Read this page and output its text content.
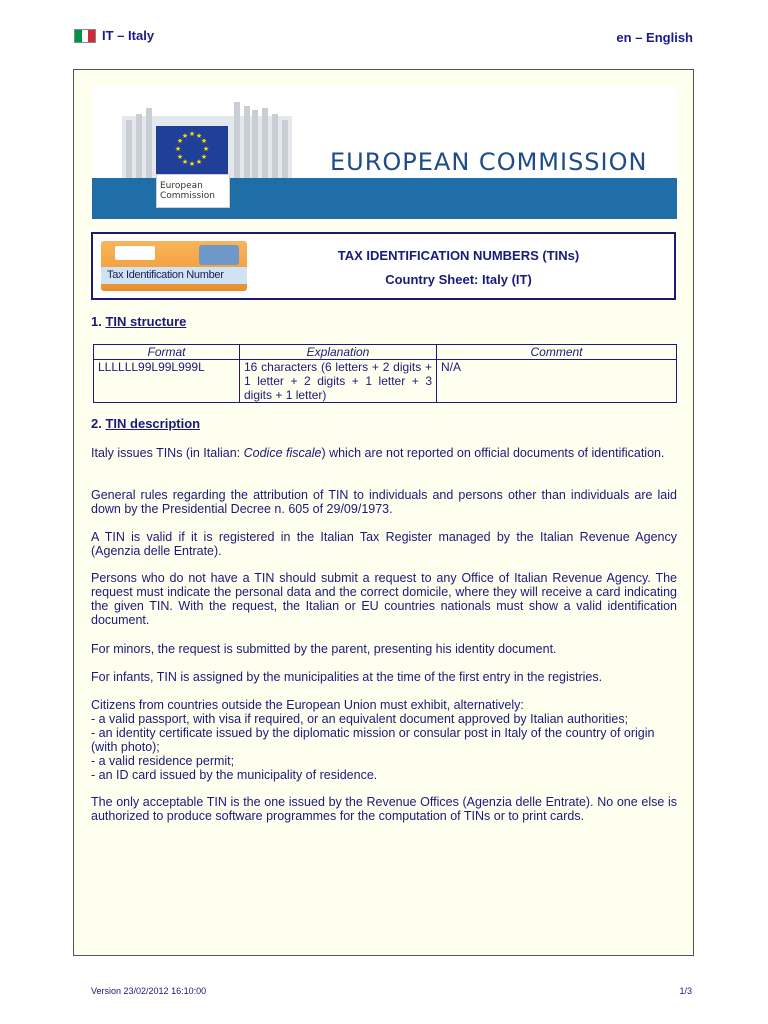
IT – Italy	en – English
★ ★
★
★
★
★
★
★
★
★
★
★
European
Commission
EUROPEAN COMMISSION
Tax Identification Number
TAX IDENTIFICATION NUMBERS (TINs)
Country Sheet: Italy (IT)
1. TIN structure
Format	Explanation	Comment
LLLLLL99L99L999L	16 characters (6 letters + 2 digits + 1 letter + 2 digits + 1 letter + 3 digits + 1 letter)	N/A
2. TIN description

Italy issues TINs (in Italian: Codice fiscale) which are not reported on official documents of identification.

General rules regarding the attribution of TIN to individuals and persons other than individuals are laid down by the Presidential Decree n. 605 of 29/09/1973.
A TIN is valid if it is registered in the Italian Tax Register managed by the Italian Revenue Agency (Agenzia delle Entrate).
Persons who do not have a TIN should submit a request to any Office of Italian Revenue Agency. The request must indicate the personal data and the correct domicile, where they will receive a card indicating the given TIN. With the request, the Italian or EU countries nationals must show a valid identification document.
For minors, the request is submitted by the parent, presenting his identity document.
For infants, TIN is assigned by the municipalities at the time of the first entry in the registries.

Citizens from countries outside the European Union must exhibit, alternatively:

- a valid passport, with visa if required, or an equivalent document approved by Italian authorities;

- an identity certificate issued by the diplomatic mission or consular post in Italy of the country of origin (with photo);

- a valid residence permit;

- an ID card issued by the municipality of residence.

The only acceptable TIN is the one issued by the Revenue Offices (Agenzia delle Entrate). No one else is authorized to produce software programmes for the computation of TINs or to print cards.
Version 23/02/2012 16:10:00	1/3
